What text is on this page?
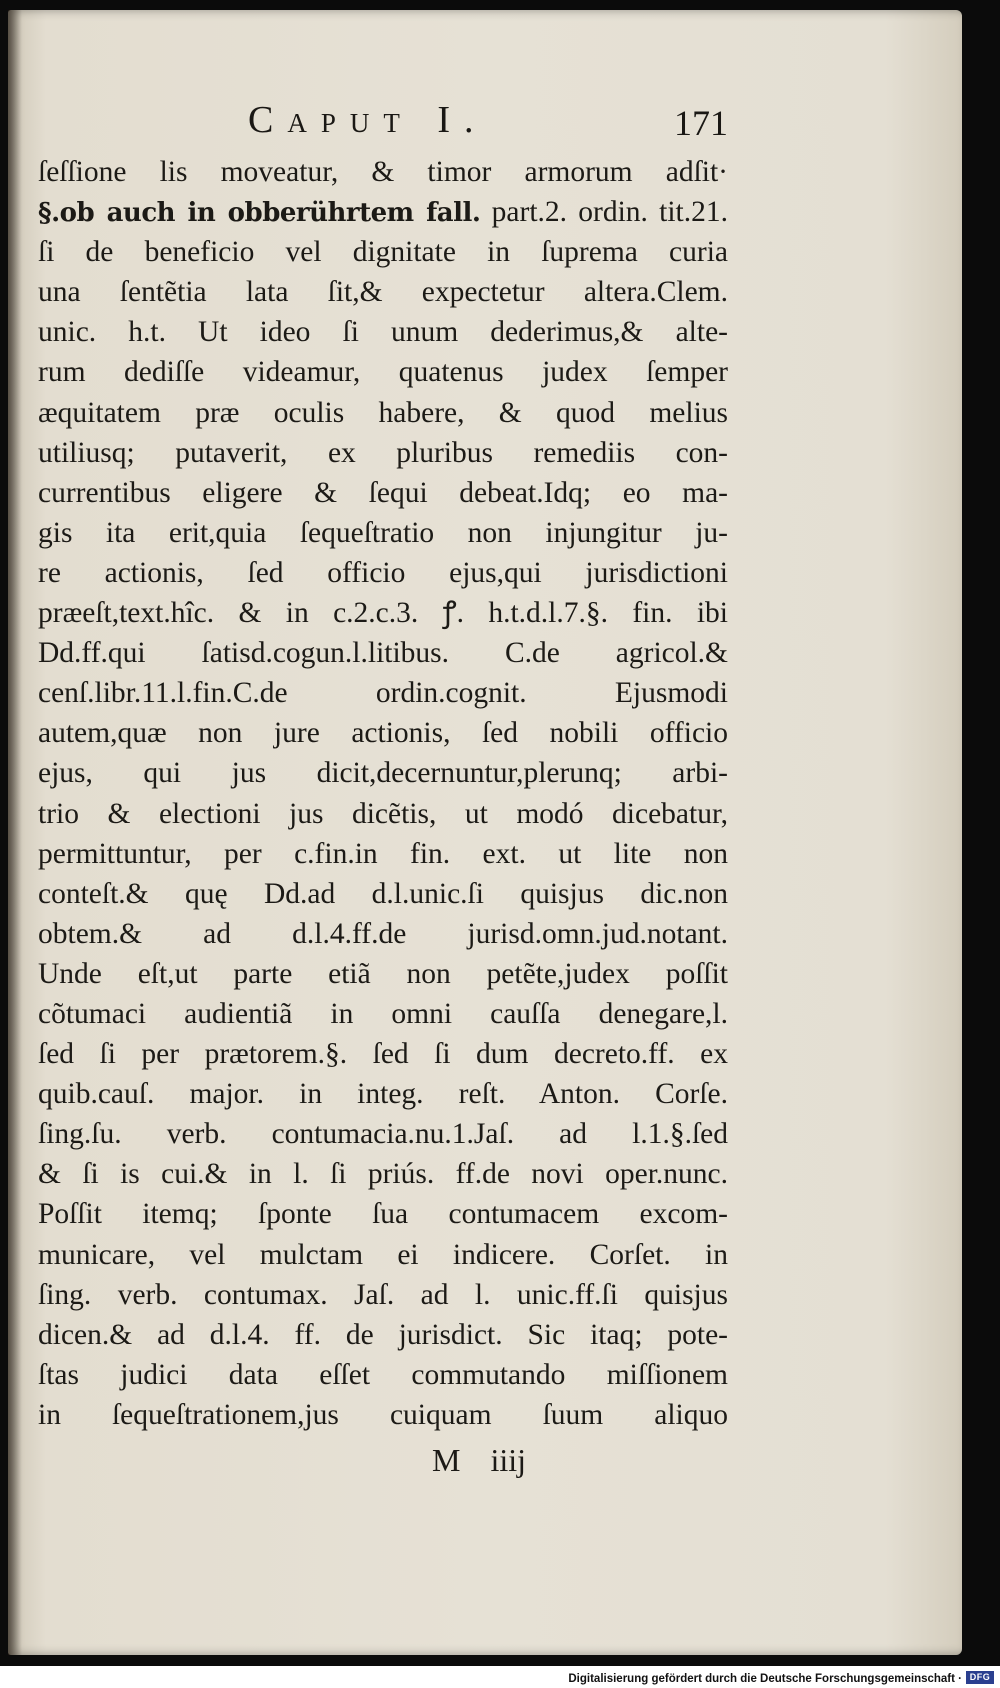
Caput I.	171
ſeſſione lis moveatur, & timor armorum adſit·
§.ob auch in obberührtem fall. part.2. ordin. tit.21.
ſi de beneficio vel dignitate in ſuprema curia
una ſentẽtia lata ſit,& expectetur altera.Clem.
unic. h.t. Ut ideo ſi unum dederimus,& alte-
rum dediſſe videamur, quatenus judex ſemper
æquitatem præ oculis habere, & quod melius
utiliusq; putaverit, ex pluribus remediis con-
currentibus eligere & ſequi debeat.Idq; eo ma-
gis ita erit,quia ſequeſtratio non injungitur ju-
re actionis, ſed officio ejus,qui jurisdictioni
præeſt,text.hîc. & in c.2.c.3. ꝭ. h.t.d.l.7.§. fin. ibi
Dd.ff.qui ſatisd.cogun.l.litibus. C.de agricol.&
cenſ.libr.11.l.fin.C.de ordin.cognit. Ejusmodi
autem,quæ non jure actionis, ſed nobili officio
ejus, qui jus dicit,decernuntur,plerunq; arbi-
trio & electioni jus dicẽtis, ut modó dicebatur,
permittuntur, per c.fin.in fin. ext. ut lite non
conteſt.& quę Dd.ad d.l.unic.ſi quisjus dic.non
obtem.& ad d.l.4.ff.de jurisd.omn.jud.notant.
Unde eſt,ut parte etiã non petẽte,judex poſſit
cõtumaci audientiã in omni cauſſa denegare,l.
ſed ſi per prætorem.§. ſed ſi dum decreto.ff. ex
quib.cauſ. major. in integ. reſt. Anton. Corſe.
ſing.ſu. verb. contumacia.nu.1.Jaſ. ad l.1.§.ſed
& ſi is cui.& in l. ſi priús. ff.de novi oper.nunc.
Poſſit itemq; ſponte ſua contumacem excom-
municare, vel mulctam ei indicere. Corſet. in
ſing. verb. contumax. Jaſ. ad l. unic.ff.ſi quisjus
dicen.& ad d.l.4. ff. de jurisdict. Sic itaq; pote-
ſtas judici data eſſet commutando miſſionem
in ſequeſtrationem,jus cuiquam ſuum aliquo
M iiij
Digitalisierung gefördert durch die Deutsche Forschungsgemeinschaft · DFG
